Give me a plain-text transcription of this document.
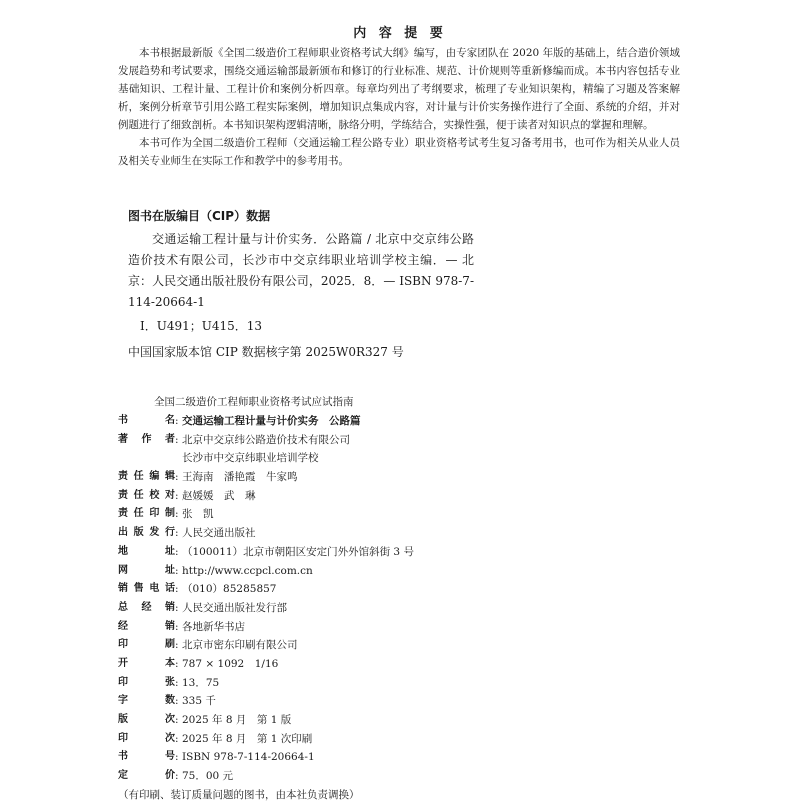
内 容 提 要

本书根据最新版《全国二级造价工程师职业资格考试大纲》编写，由专家团队在 2020 年版的基础上，结合造价领域发展趋势和考试要求，围绕交通运输部最新颁布和修订的行业标准、规范、计价规则等重新修编而成。本书内容包括专业基础知识、工程计量、工程计价和案例分析四章。每章均列出了考纲要求，梳理了专业知识架构，精编了习题及答案解析，案例分析章节引用公路工程实际案例，增加知识点集成内容，对计量与计价实务操作进行了全面、系统的介绍，并对例题进行了细致剖析。本书知识架构逻辑清晰，脉络分明，学练结合，实操性强，便于读者对知识点的掌握和理解。

本书可作为全国二级造价工程师（交通运输工程公路专业）职业资格考试考生复习备考用书，也可作为相关从业人员及相关专业师生在实际工作和教学中的参考用书。

图书在版编目（CIP）数据
交通运输工程计量与计价实务．公路篇 / 北京中交京纬公路造价技术有限公司，长沙市中交京纬职业培训学校主编．— 北京：人民交通出版社股份有限公司，2025．8．— ISBN 978-7-114-20664-1
Ⅰ．U491；U415．13
中国国家版本馆 CIP 数据核字第 2025W0R327 号
全国二级造价工程师职业资格考试应试指南
书名 : 交通运输工程计量与计价实务　公路篇
著作者 : 北京中交京纬公路造价技术有限公司
长沙市中交京纬职业培训学校
责任编辑 : 王海南　潘艳霞　牛家鸣
责任校对 : 赵媛媛　武　琳
责任印制 : 张　凯
出版发行 : 人民交通出版社
地址 : （100011）北京市朝阳区安定门外外馆斜街 3 号
网址 : http://www.ccpcl.com.cn
销售电话 : （010）85285857
总经销 : 人民交通出版社发行部
经销 : 各地新华书店
印刷 : 北京市密东印刷有限公司
开本 : 787 × 1092　1/16
印张 : 13．75
字数 : 335 千
版次 : 2025 年 8 月　第 1 版
印次 : 2025 年 8 月　第 1 次印刷
书号 : ISBN 978-7-114-20664-1
定价 : 75．00 元
（有印刷、装订质量问题的图书，由本社负责调换）
